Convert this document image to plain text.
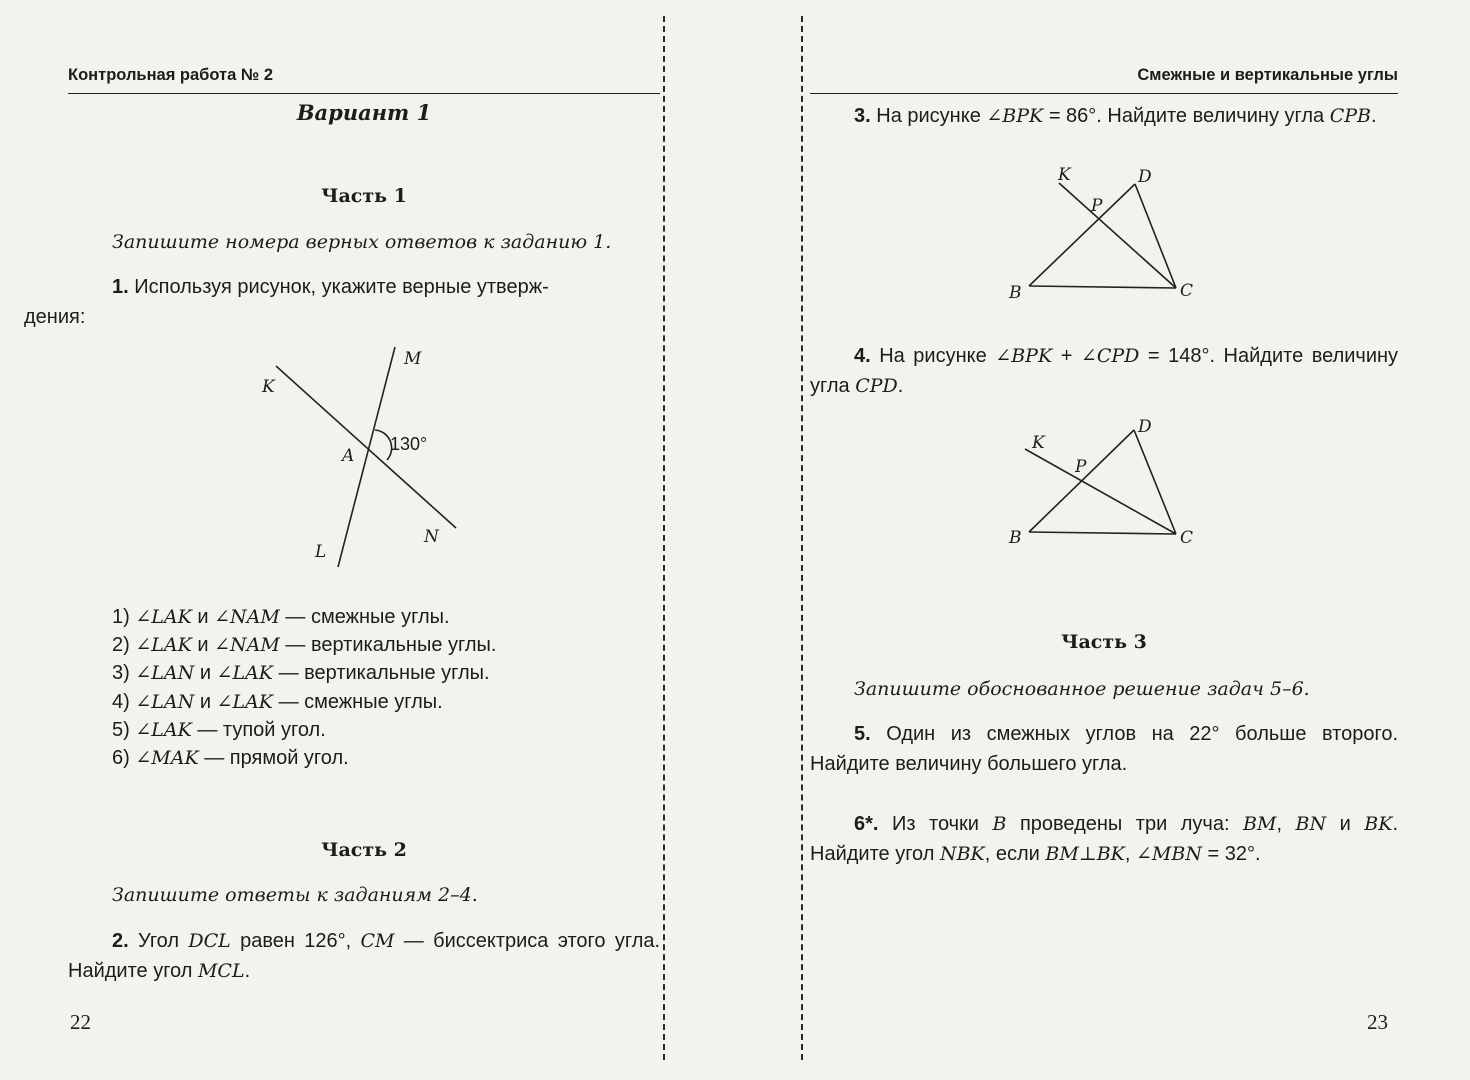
Контрольная работа № 2
Вариант 1
Часть 1
Запишите номера верных ответов к заданию 1.
1. Используя рисунок, укажите верные утверж-
дения:
M
K
A
130°
N
L
1) ∠LAK и ∠NAM — смежные углы.
2) ∠LAK и ∠NAM — вертикальные углы.
3) ∠LAN и ∠LAK — вертикальные углы.
4) ∠LAN и ∠LAK — смежные углы.
5) ∠LAK — тупой угол.
6) ∠MAK — прямой угол.
Часть 2
Запишите ответы к заданиям 2–4.
2. Угол DCL равен 126°, CM — биссектриса этого угла. Найдите угол MCL.
22
Смежные и вертикальные углы
3. На рисунке ∠BPK = 86°. Найдите величину угла CPB.
K	D
P
B	C
4. На рисунке ∠BPK + ∠CPD = 148°. Найдите величину угла CPD.
K
D
P
B	C
Часть 3
Запишите обоснованное решение задач 5–6.
5. Один из смежных углов на 22° больше второго. Найдите величину большего угла.
6*. Из точки B проведены три луча: BM, BN и BK. Найдите угол NBK, если BM⊥BK, ∠MBN = 32°.
23
